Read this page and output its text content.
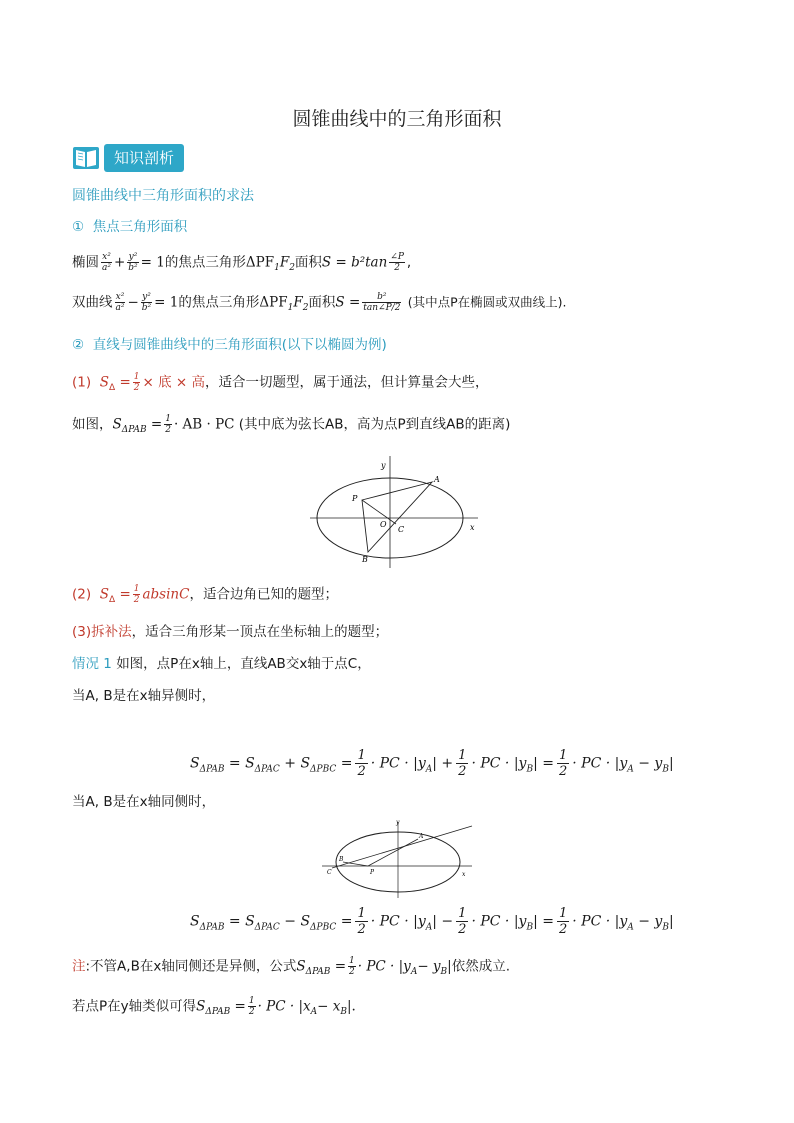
圆锥曲线中的三角形面积
知识剖析
圆锥曲线中三角形面积的求法
① 焦点三角形面积
椭圆 $\frac{\text{x²}}{\text{a²}} + \frac{\text{y²}}{\text{b²}} = 1$的焦点三角形$\Delta PF_1F_2$面积$S = b^2\tan \frac{\angle P}{2}$ ,
双曲线 $\frac{\text{x²}}{\text{a²}} - \frac{\text{y²}}{\text{b²}} = 1$的焦点三角形$\Delta PF_1F_2$面积$S = \frac{\text{b²}}{\tan\angle P/2}$ (其中点P在椭圆或双曲线上).
② 直线与圆锥曲线中的三角形面积(以下以椭圆为例)
(1) $S_\Delta = \frac{1}{2}$ × 底 × 高，适合一切题型，属于通法，但计算量会大些，
如图，$S_{\Delta PAB} = \frac{1}{2}$ · AB · PC (其中底为弦长AB，高为点P到直线AB的距离)
y
x
A
P
O
C
B
(2) $S_\Delta = \frac{1}{2}$ absinC，适合边角已知的题型；
(3)拆补法，适合三角形某一顶点在坐标轴上的题型；
情况 1 如图，点P在x轴上，直线AB交x轴于点C，
当A, B是在x轴异侧时，
$S_{\Delta PAB} = S_{\Delta PAC} + S_{\Delta PBC} = \frac{1}{2}$ · PC · $|y_A| + \frac{1}{2}$ · PC · $|y_B| = \frac{1}{2}$ · PC · $|y_A - y_B|$
当A, B是在x轴同侧时，
y
x
A
B
C	P
$S_{\Delta PAB} = S_{\Delta PAC} - S_{\Delta PBC} = \frac{1}{2}$ · PC · $|y_A| - \frac{1}{2}$ · PC · $|y_B| = \frac{1}{2}$ · PC · $|y_A - y_B|$
注:不管A,B在x轴同侧还是异侧，公式$S_{\Delta PAB} = \frac{1}{2}$ · PC · $|y_A- y_B|$依然成立.
若点P在y轴类似可得$S_{\Delta PAB} = \frac{1}{2}$ · PC · $|x_A- x_B|$.
